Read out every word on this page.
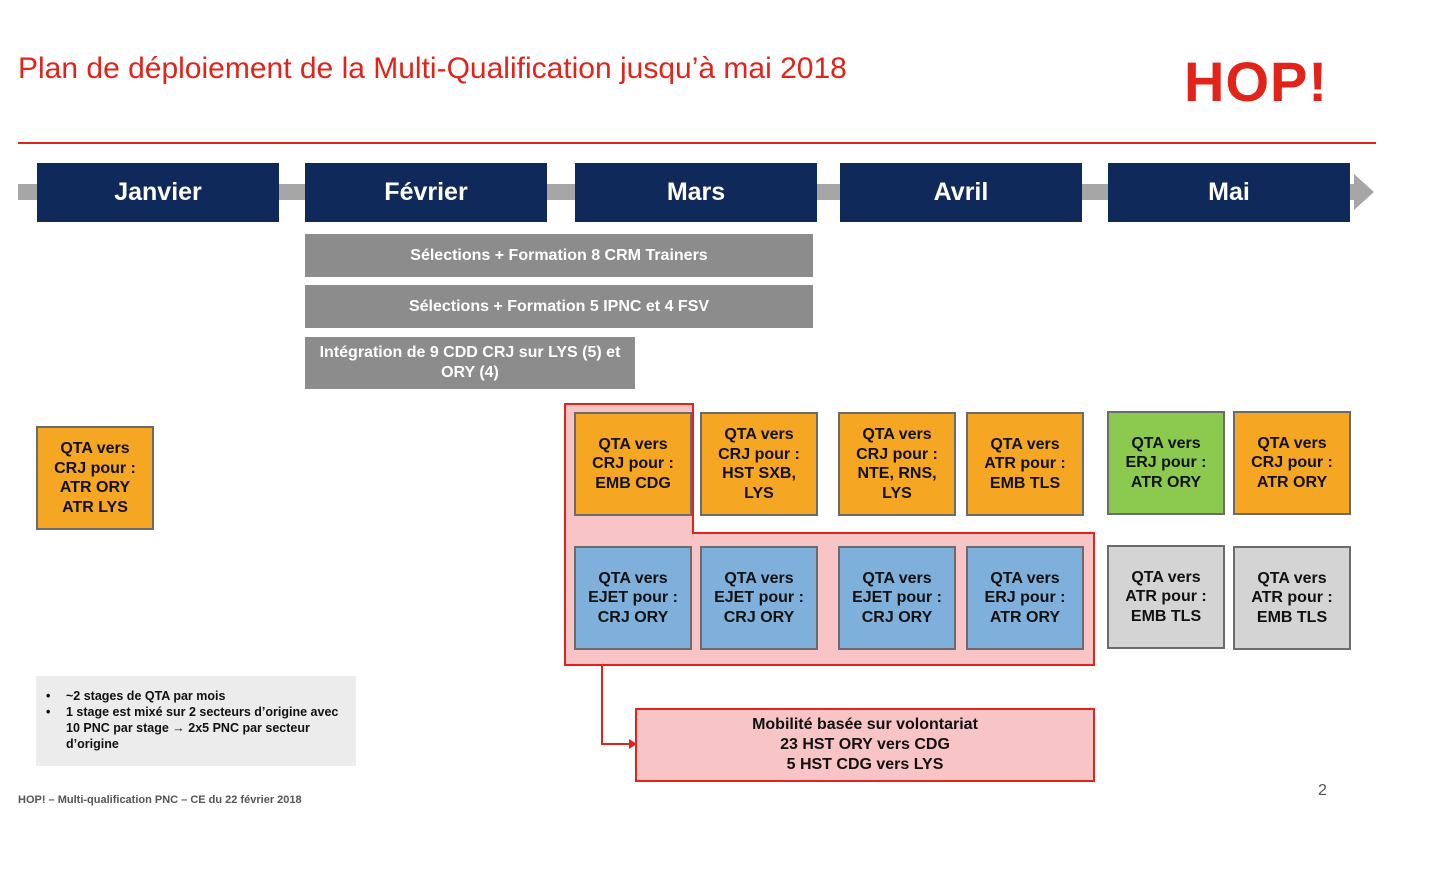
Plan de déploiement de la Multi-Qualification jusqu’à mai 2018	HOP!
Janvier	Février	Mars	Avril	Mai
Sélections + Formation 8 CRM Trainers
Sélections + Formation 5 IPNC et 4 FSV
Intégration de 9 CDD CRJ sur LYS (5) et
ORY (4)
QTA vers
CRJ pour :
ATR ORY
ATR LYS
QTA vers
CRJ pour :
EMB CDG
QTA vers
CRJ pour :
HST SXB,
LYS
QTA vers
CRJ pour :
NTE, RNS,
LYS
QTA vers
ATR pour :
EMB TLS
QTA vers
ERJ pour :
ATR ORY
QTA vers
CRJ pour :
ATR ORY
QTA vers
EJET pour :
CRJ ORY
QTA vers
EJET pour :
CRJ ORY
QTA vers
EJET pour :
CRJ ORY
QTA vers
ERJ pour :
ATR ORY
QTA vers
ATR pour :
EMB TLS
QTA vers
ATR pour :
EMB TLS
• ~2 stages de QTA par mois
• 1 stage est mixé sur 2 secteurs d’origine avec 10 PNC par stage → 2x5 PNC par secteur d’origine
Mobilité basée sur volontariat
23 HST ORY vers CDG
5 HST CDG vers LYS
HOP! – Multi-qualification PNC – CE du 22 février 2018
2
